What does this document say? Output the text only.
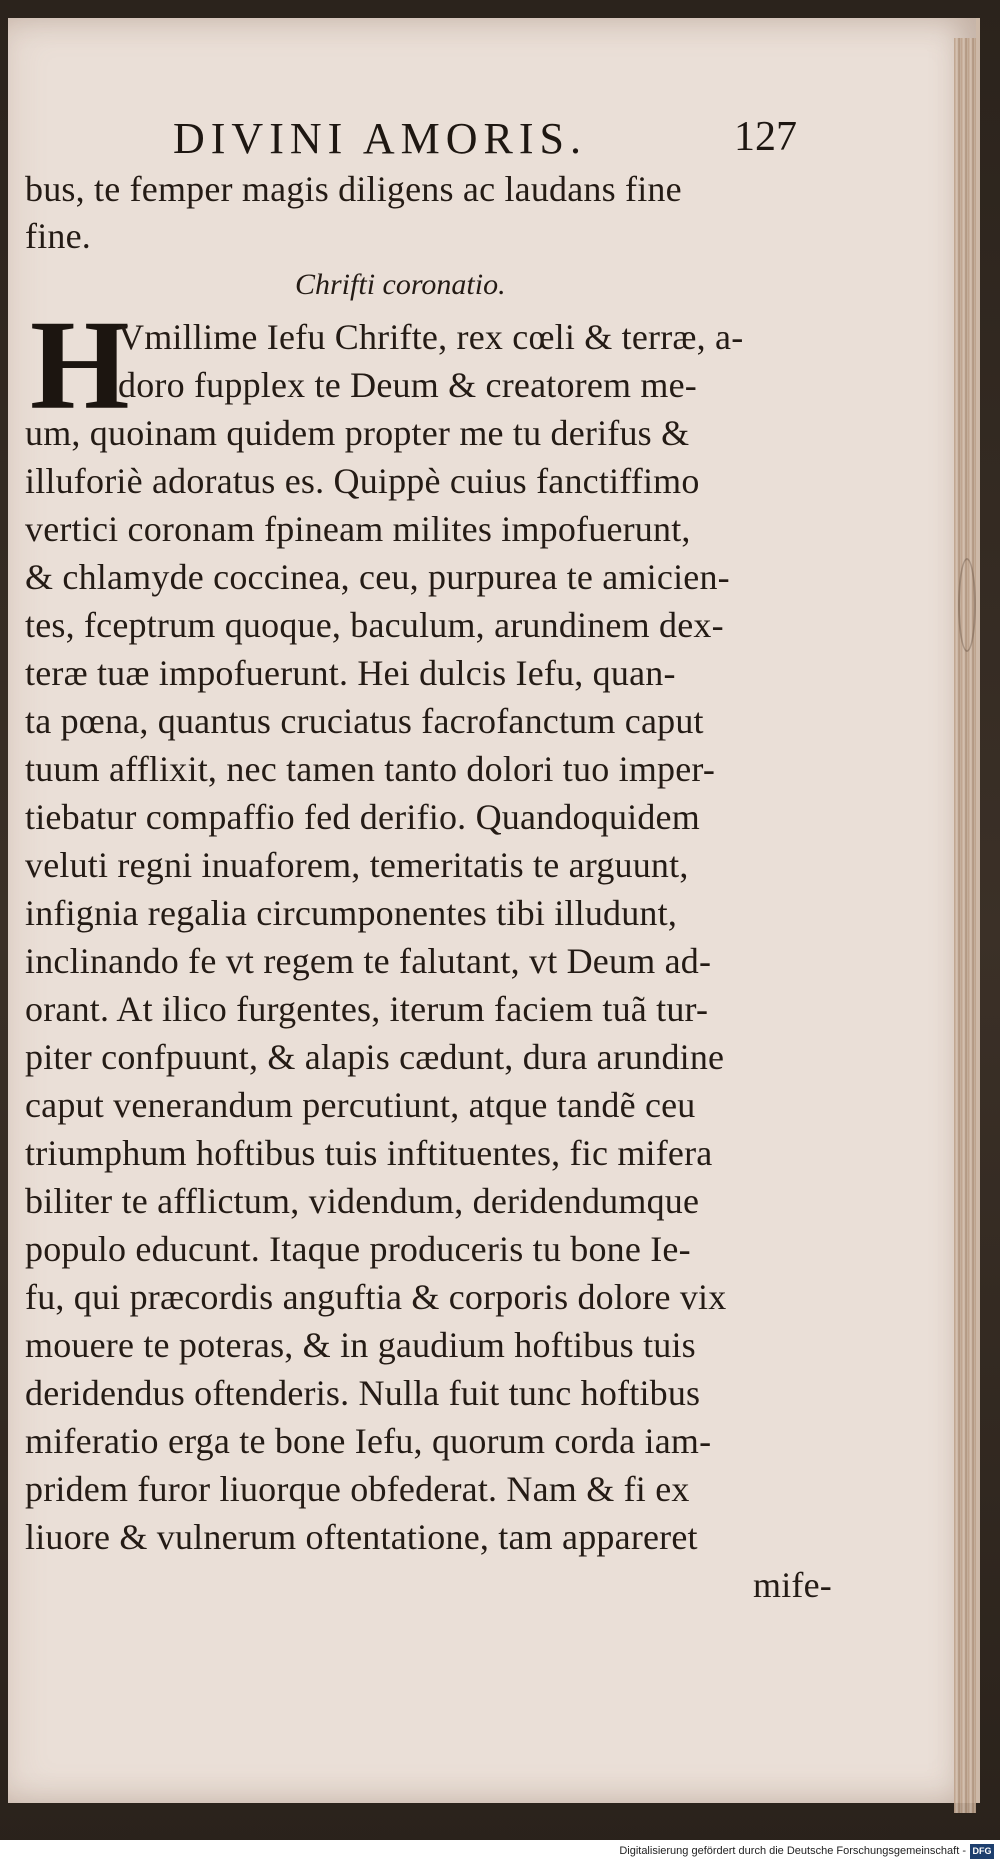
DIVINI AMORIS.	127
bus, te femper magis diligens ac laudans fine
fine.
Chrifti coronatio.
H
Vmillime Iefu Chrifte, rex cœli & terræ, a-
doro fupplex te Deum & creatorem me-
um, quoinam quidem propter me tu derifus &
illuforiè adoratus es. Quippè cuius fanctiffimo
vertici coronam fpineam milites impofuerunt,
& chlamyde coccinea, ceu, purpurea te amicien-
tes, fceptrum quoque, baculum, arundinem dex-
teræ tuæ impofuerunt. Hei dulcis Iefu, quan-
ta pœna, quantus cruciatus facrofanctum caput
tuum afflixit, nec tamen tanto dolori tuo imper-
tiebatur compaffio fed derifio. Quandoquidem
veluti regni inuaforem, temeritatis te arguunt,
infignia regalia circumponentes tibi illudunt,
inclinando fe vt regem te falutant, vt Deum ad-
orant. At ilico furgentes, iterum faciem tuã tur-
piter confpuunt, & alapis cædunt, dura arundine
caput venerandum percutiunt, atque tandẽ ceu
triumphum hoftibus tuis inftituentes, fic mifera
biliter te afflictum, videndum, deridendumque
populo educunt. Itaque produceris tu bone Ie-
fu, qui præcordis anguftia & corporis dolore vix
mouere te poteras, & in gaudium hoftibus tuis
deridendus oftenderis. Nulla fuit tunc hoftibus
miferatio erga te bone Iefu, quorum corda iam-
pridem furor liuorque obfederat. Nam & fi ex
liuore & vulnerum oftentatione, tam appareret
mife-
Digitalisierung gefördert durch die Deutsche Forschungsgemeinschaft - DFG
